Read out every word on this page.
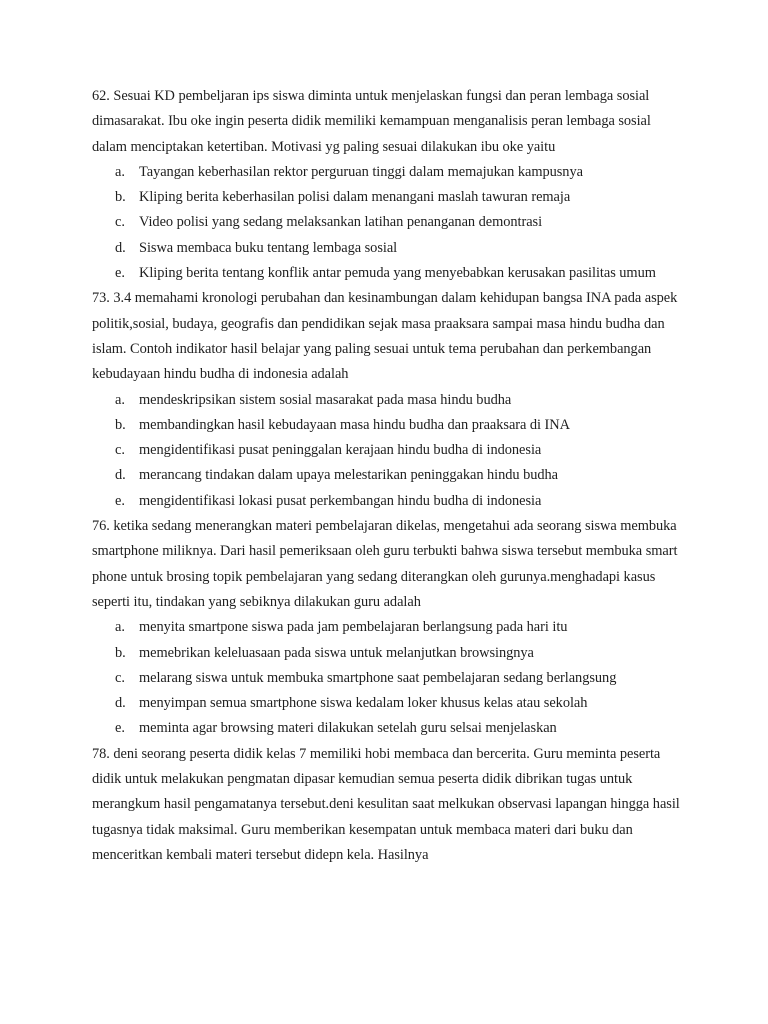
62. Sesuai KD pembeljaran ips siswa diminta untuk menjelaskan fungsi dan peran lembaga sosial dimasarakat. Ibu oke ingin peserta didik memiliki kemampuan menganalisis peran lembaga sosial dalam menciptakan ketertiban. Motivasi yg paling sesuai dilakukan ibu oke yaitu

a. Tayangan keberhasilan rektor perguruan tinggi dalam memajukan kampusnya
b. Kliping berita keberhasilan polisi dalam menangani maslah tawuran remaja
c. Video polisi yang sedang melaksankan latihan penanganan demontrasi
d. Siswa membaca buku tentang lembaga sosial
e. Kliping berita tentang konflik antar pemuda yang menyebabkan kerusakan pasilitas umum

73. 3.4 memahami kronologi perubahan dan kesinambungan dalam kehidupan bangsa INA pada aspek politik,sosial, budaya, geografis dan pendidikan sejak masa praaksara sampai masa hindu budha dan islam. Contoh indikator hasil belajar yang paling sesuai untuk tema perubahan dan perkembangan kebudayaan hindu budha di indonesia adalah

a. mendeskripsikan sistem sosial masarakat pada masa hindu budha
b. membandingkan hasil kebudayaan masa hindu budha dan praaksara di INA
c. mengidentifikasi pusat peninggalan kerajaan hindu budha di indonesia
d. merancang tindakan dalam upaya melestarikan peninggakan hindu budha
e. mengidentifikasi lokasi pusat perkembangan hindu budha di indonesia

76. ketika sedang menerangkan materi pembelajaran dikelas, mengetahui ada seorang siswa membuka smartphone miliknya. Dari hasil pemeriksaan oleh guru terbukti bahwa siswa tersebut membuka smart phone untuk brosing topik pembelajaran yang sedang diterangkan oleh gurunya.menghadapi kasus seperti itu, tindakan yang sebiknya dilakukan guru adalah

a. menyita smartpone siswa pada jam pembelajaran berlangsung pada hari itu
b. memebrikan keleluasaan pada siswa untuk melanjutkan browsingnya
c. melarang siswa untuk membuka smartphone saat pembelajaran sedang berlangsung
d. menyimpan semua smartphone siswa kedalam loker khusus kelas atau sekolah
e. meminta agar browsing materi dilakukan setelah guru selsai menjelaskan

78. deni seorang peserta didik kelas 7 memiliki hobi membaca dan bercerita. Guru meminta peserta didik untuk melakukan pengmatan dipasar kemudian semua peserta didik dibrikan tugas untuk merangkum hasil pengamatanya tersebut.deni kesulitan saat melkukan observasi lapangan hingga hasil tugasnya tidak maksimal. Guru memberikan kesempatan untuk membaca materi dari buku dan menceritkan kembali materi tersebut didepn kela. Hasilnya
